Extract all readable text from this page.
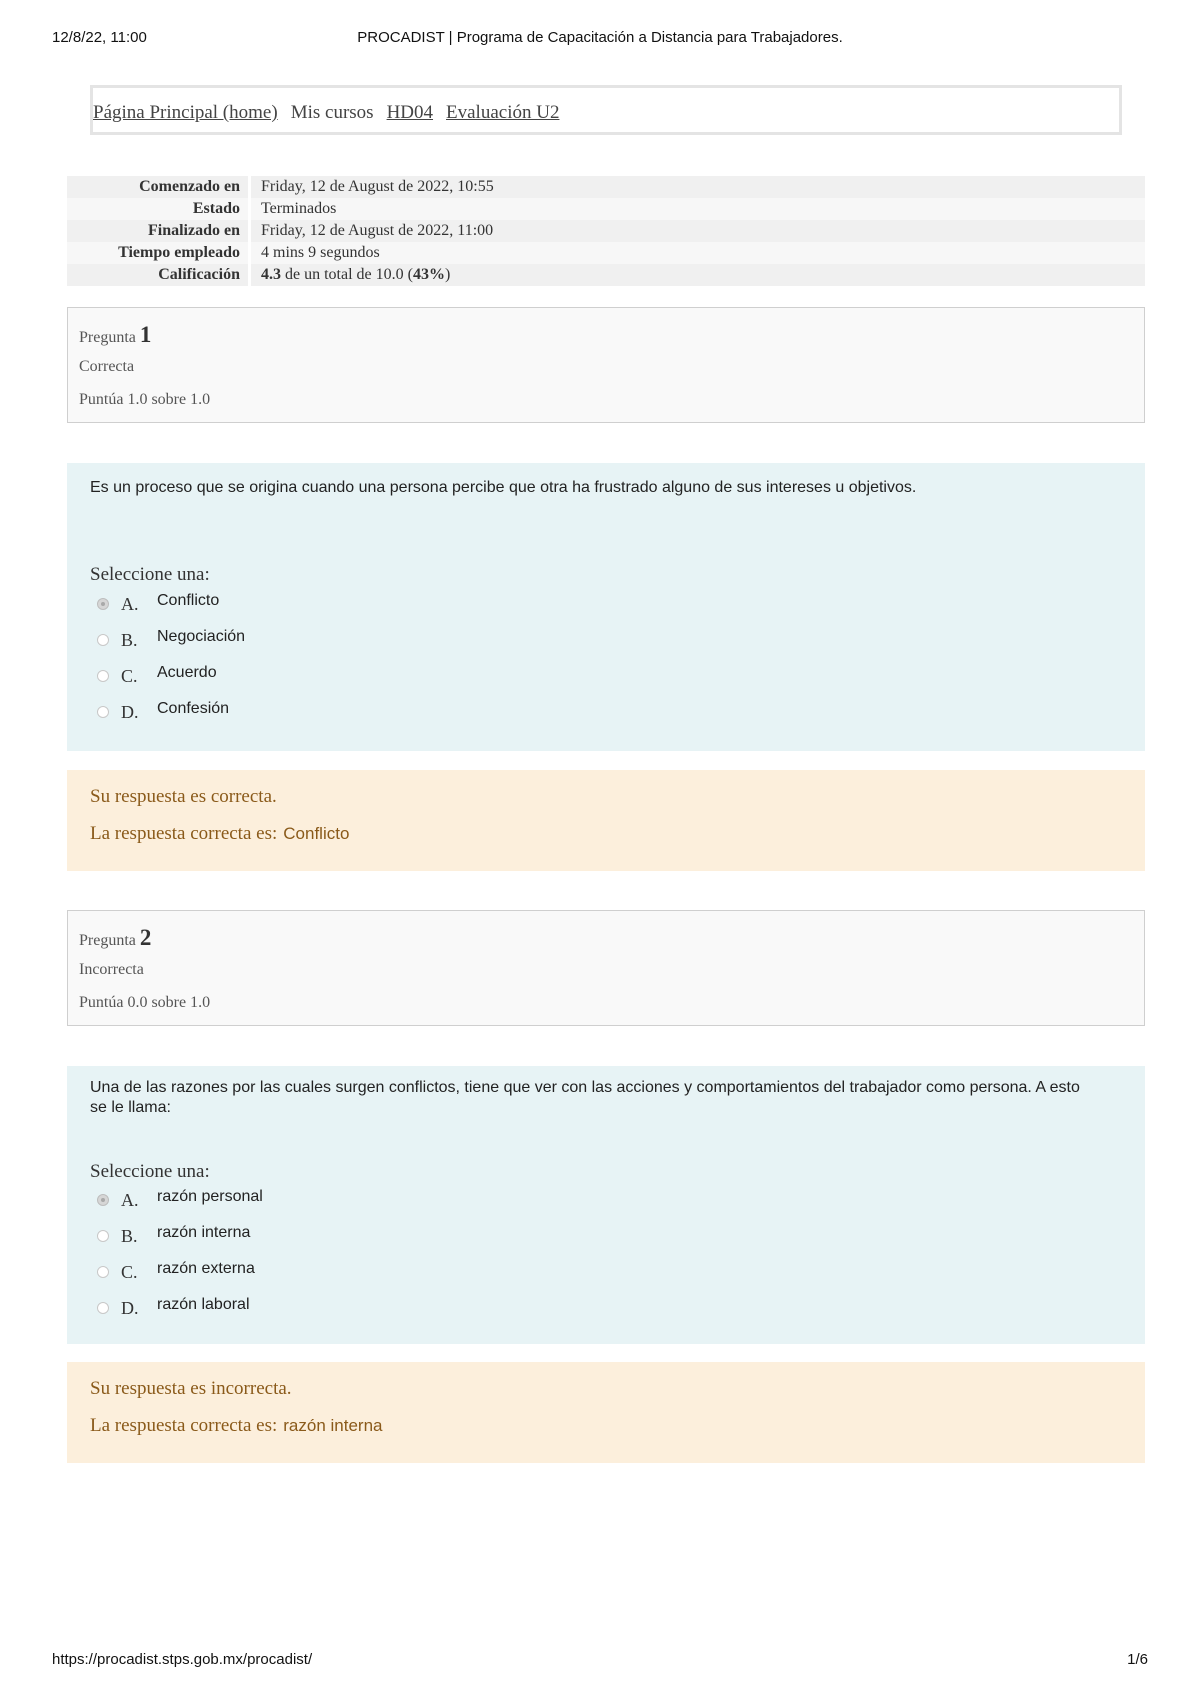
12/8/22, 11:00	PROCADIST | Programa de Capacitación a Distancia para Trabajadores.
Página Principal (home) Mis cursos HD04 Evaluación U2
Comenzado en	Friday, 12 de August de 2022, 10:55
Estado	Terminados
Finalizado en	Friday, 12 de August de 2022, 11:00
Tiempo empleado	4 mins 9 segundos
Calificación	4.3 de un total de 10.0 (43%)
Pregunta 1
Correcta
Puntúa 1.0 sobre 1.0
Es un proceso que se origina cuando una persona percibe que otra ha frustrado alguno de sus intereses u objetivos.
Seleccione una:
A. Conflicto
B. Negociación
C. Acuerdo
D. Confesión
Su respuesta es correcta.
La respuesta correcta es: Conflicto
Pregunta 2
Incorrecta
Puntúa 0.0 sobre 1.0
Una de las razones por las cuales surgen conflictos, tiene que ver con las acciones y comportamientos del trabajador como persona. A esto se le llama:
Seleccione una:
A. razón personal
B. razón interna
C. razón externa
D. razón laboral
Su respuesta es incorrecta.
La respuesta correcta es: razón interna
https://procadist.stps.gob.mx/procadist/	1/6
